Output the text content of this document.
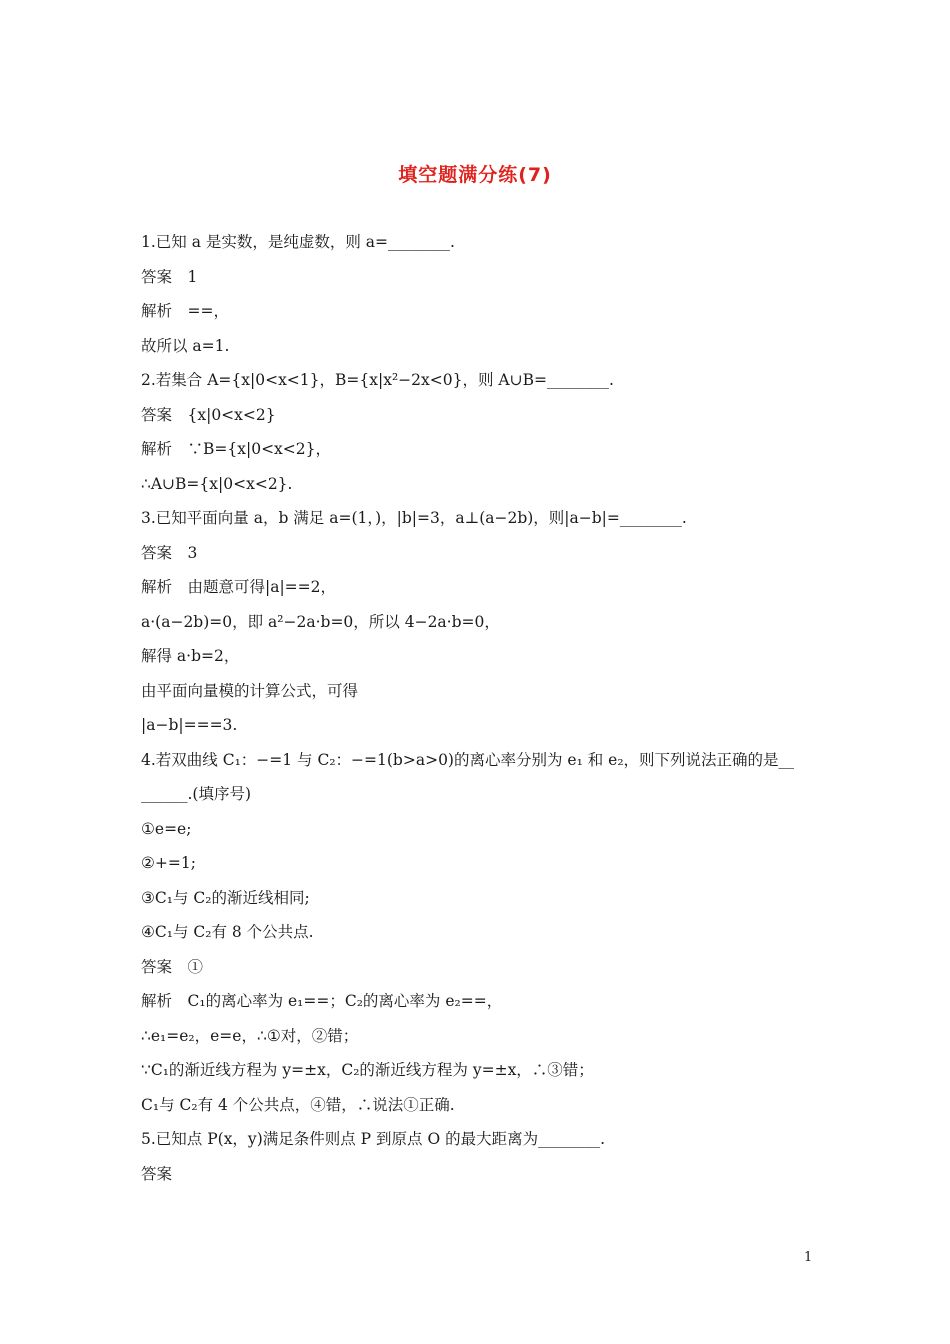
填空题满分练(7)
1.已知 a 是实数，是纯虚数，则 a=________.
答案　1
解析　==，
故所以 a=1.
2.若集合 A={x|0<x<1}，B={x|x²−2x<0}，则 A∪B=________.
答案　{x|0<x<2}
解析　∵B={x|0<x<2}，
∴A∪B={x|0<x<2}.
3.已知平面向量 a，b 满足 a=(1，)，|b|=3，a⊥(a−2b)，则|a−b|=________.
答案　3
解析　由题意可得|a|==2，
a·(a−2b)=0，即 a²−2a·b=0，所以 4−2a·b=0，
解得 a·b=2，
由平面向量模的计算公式，可得
|a−b|===3.
4.若双曲线 C₁：−=1 与 C₂：−=1(b>a>0)的离心率分别为 e₁ 和 e₂，则下列说法正确的是__
______.(填序号)
①e=e;
②+=1;
③C₁与 C₂的渐近线相同;
④C₁与 C₂有 8 个公共点.
答案　①
解析　C₁的离心率为 e₁==；C₂的离心率为 e₂==，
∴e₁=e₂，e=e，∴①对，②错；
∵C₁的渐近线方程为 y=±x，C₂的渐近线方程为 y=±x，∴③错；
C₁与 C₂有 4 个公共点，④错，∴说法①正确.
5.已知点 P(x，y)满足条件则点 P 到原点 O 的最大距离为________.
答案
1
